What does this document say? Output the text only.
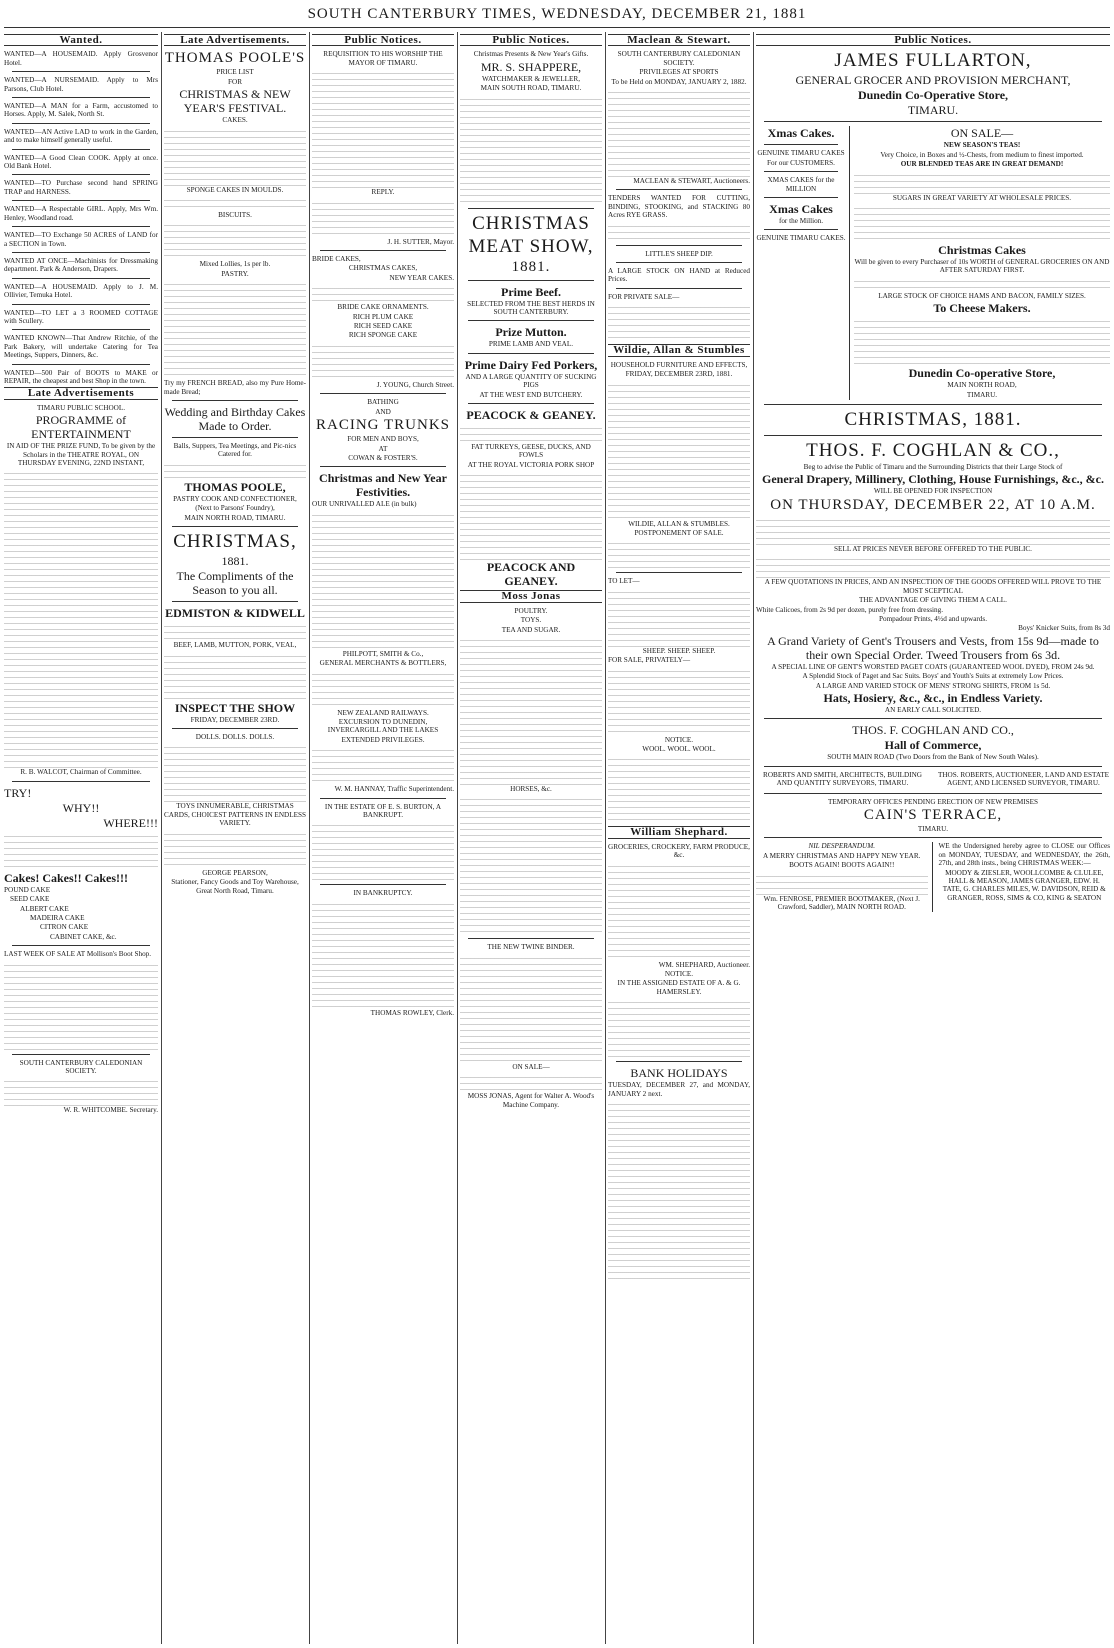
SOUTH CANTERBURY TIMES, WEDNESDAY, DECEMBER 21, 1881
Wanted.

WANTED—A HOUSEMAID. Apply Grosvenor Hotel.

WANTED—A NURSEMAID. Apply to Mrs Parsons, Club Hotel.

WANTED—A MAN for a Farm, accustomed to Horses. Apply, M. Salek, North St.

WANTED—AN Active LAD to work in the Garden, and to make himself generally useful.

WANTED—A Good Clean COOK. Apply at once. Old Bank Hotel.

WANTED—TO Purchase second hand SPRING TRAP and HARNESS.

WANTED—A Respectable GIRL. Apply, Mrs Wm. Henley, Woodland road.

WANTED—TO Exchange 50 ACRES of LAND for a SECTION in Town.

WANTED AT ONCE—Machinists for Dressmaking department. Park & Anderson, Drapers.

WANTED—A HOUSEMAID. Apply to J. M. Ollivier, Temuka Hotel.

WANTED—TO LET a 3 ROOMED COTTAGE with Scullery.

WANTED KNOWN—That Andrew Ritchie, of the Park Bakery, will undertake Catering for Tea Meetings, Suppers, Dinners, &c.

WANTED—500 Pair of BOOTS to MAKE or REPAIR, the cheapest and best Shop in the town.

Late Advertisements

TIMARU PUBLIC SCHOOL.

PROGRAMME of ENTERTAINMENT

IN AID OF THE PRIZE FUND, To be given by the Scholars in the THEATRE ROYAL, ON THURSDAY EVENING, 22ND INSTANT,

R. B. WALCOT, Chairman of Committee.

TRY!

WHY!!

WHERE!!!

Cakes! Cakes!! Cakes!!!

POUND CAKE

SEED CAKE

ALBERT CAKE

MADEIRA CAKE

CITRON CAKE

CABINET CAKE, &c.

LAST WEEK OF SALE AT Mollison's Boot Shop.

SOUTH CANTERBURY CALEDONIAN SOCIETY.

W. R. WHITCOMBE. Secretary.

Late Advertisements.

THOMAS POOLE'S

PRICE LIST

FOR

CHRISTMAS & NEW YEAR'S FESTIVAL.

CAKES.

SPONGE CAKES IN MOULDS.

BISCUITS.

Mixed Lollies, 1s per lb.

PASTRY.

Try my FRENCH BREAD, also my Pure Home-made Bread;

Wedding and Birthday Cakes Made to Order.

Balls, Suppers, Tea Meetings, and Pic-nics Catered for.

THOMAS POOLE,

PASTRY COOK AND CONFECTIONER,

(Next to Parsons' Foundry),

MAIN NORTH ROAD, TIMARU.

CHRISTMAS,

1881.

The Compliments of the Season to you all.

EDMISTON & KIDWELL

BEEF, LAMB, MUTTON, PORK, VEAL,

INSPECT THE SHOW

FRIDAY, DECEMBER 23RD.

DOLLS. DOLLS. DOLLS.

TOYS INNUMERABLE, CHRISTMAS CARDS, CHOICEST PATTERNS IN ENDLESS VARIETY.

GEORGE PEARSON,

Stationer, Fancy Goods and Toy Warehouse,

Great North Road, Timaru.

Public Notices.

REQUISITION TO HIS WORSHIP THE MAYOR OF TIMARU.

REPLY.

J. H. SUTTER, Mayor.

BRIDE CAKES,

CHRISTMAS CAKES,

NEW YEAR CAKES.

BRIDE CAKE ORNAMENTS.

RICH PLUM CAKE

RICH SEED CAKE

RICH SPONGE CAKE

J. YOUNG, Church Street.

BATHING

AND

RACING TRUNKS

FOR MEN AND BOYS,

AT

COWAN & FOSTER'S.

Christmas and New Year Festivities.

OUR UNRIVALLED ALE (in bulk)

PHILPOTT, SMITH & Co.,

GENERAL MERCHANTS & BOTTLERS,

NEW ZEALAND RAILWAYS.

EXCURSION TO DUNEDIN, INVERCARGILL AND THE LAKES

EXTENDED PRIVILEGES.

W. M. HANNAY, Traffic Superintendent.

IN THE ESTATE OF E. S. BURTON, A BANKRUPT.

IN BANKRUPTCY.

THOMAS ROWLEY, Clerk.

Public Notices.

Christmas Presents & New Year's Gifts.

MR. S. SHAPPERE,

WATCHMAKER & JEWELLER,

MAIN SOUTH ROAD, TIMARU.

CHRISTMAS

MEAT SHOW,

1881.

Prime Beef.

SELECTED FROM THE BEST HERDS IN SOUTH CANTERBURY.

Prize Mutton.

PRIME LAMB AND VEAL.

Prime Dairy Fed Porkers,

AND A LARGE QUANTITY OF SUCKING PIGS

AT THE WEST END BUTCHERY.

PEACOCK & GEANEY.

FAT TURKEYS, GEESE, DUCKS, AND FOWLS

AT THE ROYAL VICTORIA PORK SHOP

PEACOCK AND GEANEY.

Moss Jonas

POULTRY.

TOYS.

TEA AND SUGAR.

HORSES, &c.

THE NEW TWINE BINDER.

ON SALE—

MOSS JONAS, Agent for Walter A. Wood's Machine Company.

Maclean & Stewart.

SOUTH CANTERBURY CALEDONIAN SOCIETY.

PRIVILEGES AT SPORTS

To be Held on MONDAY, JANUARY 2, 1882.

MACLEAN & STEWART, Auctioneers.

TENDERS WANTED FOR CUTTING, BINDING, STOOKING, and STACKING 80 Acres RYE GRASS.

LITTLE'S SHEEP DIP.

A LARGE STOCK ON HAND at Reduced Prices.

FOR PRIVATE SALE—

Wildie, Allan & Stumbles

HOUSEHOLD FURNITURE AND EFFECTS,

FRIDAY, DECEMBER 23RD, 1881.

WILDIE, ALLAN & STUMBLES.

POSTPONEMENT OF SALE.

TO LET—

SHEEP. SHEEP. SHEEP.

FOR SALE, PRIVATELY—

NOTICE.

WOOL. WOOL. WOOL.

William Shephard.

GROCERIES, CROCKERY, FARM PRODUCE, &c.

WM. SHEPHARD, Auctioneer.

NOTICE.

IN THE ASSIGNED ESTATE OF A. & G. HAMERSLEY.

BANK HOLIDAYS

TUESDAY, DECEMBER 27, and MONDAY, JANUARY 2 next.

Public Notices.

JAMES FULLARTON,

GENERAL GROCER AND PROVISION MERCHANT,

Dunedin Co-Operative Store,

TIMARU.

Xmas Cakes.

GENUINE TIMARU CAKES

For our CUSTOMERS.

XMAS CAKES for the MILLION

Xmas Cakes

for the Million.

GENUINE TIMARU CAKES.

ON SALE—

NEW SEASON'S TEAS!

Very Choice, in Boxes and ½-Chests, from medium to finest imported.

OUR BLENDED TEAS ARE IN GREAT DEMAND!

SUGARS IN GREAT VARIETY AT WHOLESALE PRICES.

Christmas Cakes

Will be given to every Purchaser of 10s WORTH of GENERAL GROCERIES ON AND AFTER SATURDAY FIRST.

LARGE STOCK OF CHOICE HAMS AND BACON, FAMILY SIZES.

To Cheese Makers.

Dunedin Co-operative Store,

MAIN NORTH ROAD,

TIMARU.

CHRISTMAS, 1881.

THOS. F. COGHLAN & CO.,

Beg to advise the Public of Timaru and the Surrounding Districts that their Large Stock of

General Drapery, Millinery, Clothing, House Furnishings, &c., &c.

WILL BE OPENED FOR INSPECTION

ON THURSDAY, DECEMBER 22, AT 10 A.M.

SELL AT PRICES NEVER BEFORE OFFERED TO THE PUBLIC.

A FEW QUOTATIONS IN PRICES, AND AN INSPECTION OF THE GOODS OFFERED WILL PROVE TO THE MOST SCEPTICAL

THE ADVANTAGE OF GIVING THEM A CALL.

White Calicoes, from 2s 9d per dozen, purely free from dressing.

Pompadour Prints, 4½d and upwards.

Boys' Knicker Suits, from 8s 3d

A Grand Variety of Gent's Trousers and Vests, from 15s 9d—made to their own Special Order. Tweed Trousers from 6s 3d.

A SPECIAL LINE OF GENT'S WORSTED PAGET COATS (GUARANTEED WOOL DYED), FROM 24s 9d.

A Splendid Stock of Paget and Sac Suits. Boys' and Youth's Suits at extremely Low Prices.

A LARGE AND VARIED STOCK OF MENS' STRONG SHIRTS, FROM 1s 5d.

Hats, Hosiery, &c., &c., in Endless Variety.

AN EARLY CALL SOLICITED.

THOS. F. COGHLAN AND CO.,

Hall of Commerce,

SOUTH MAIN ROAD (Two Doors from the Bank of New South Wales).

ROBERTS AND SMITH, ARCHITECTS, BUILDING AND QUANTITY SURVEYORS, TIMARU.

THOS. ROBERTS, AUCTIONEER, LAND AND ESTATE AGENT, AND LICENSED SURVEYOR, TIMARU.

TEMPORARY OFFICES PENDING ERECTION OF NEW PREMISES

CAIN'S TERRACE,

TIMARU.

NIL DESPERANDUM.

A MERRY CHRISTMAS AND HAPPY NEW YEAR.

BOOTS AGAIN! BOOTS AGAIN!!

Wm. FENROSE, PREMIER BOOTMAKER, (Next J. Crawford, Saddler), MAIN NORTH ROAD.

WE the Undersigned hereby agree to CLOSE our Offices on MONDAY, TUESDAY, and WEDNESDAY, the 26th, 27th, and 28th insts., being CHRISTMAS WEEK:—

MOODY & ZIESLER, WOOLLCOMBE & CLULEE, HALL & MEASON, JAMES GRANGER, EDW. H. TATE, G. CHARLES MILES, W. DAVIDSON, REID & GRANGER, ROSS, SIMS & CO, KING & SEATON
